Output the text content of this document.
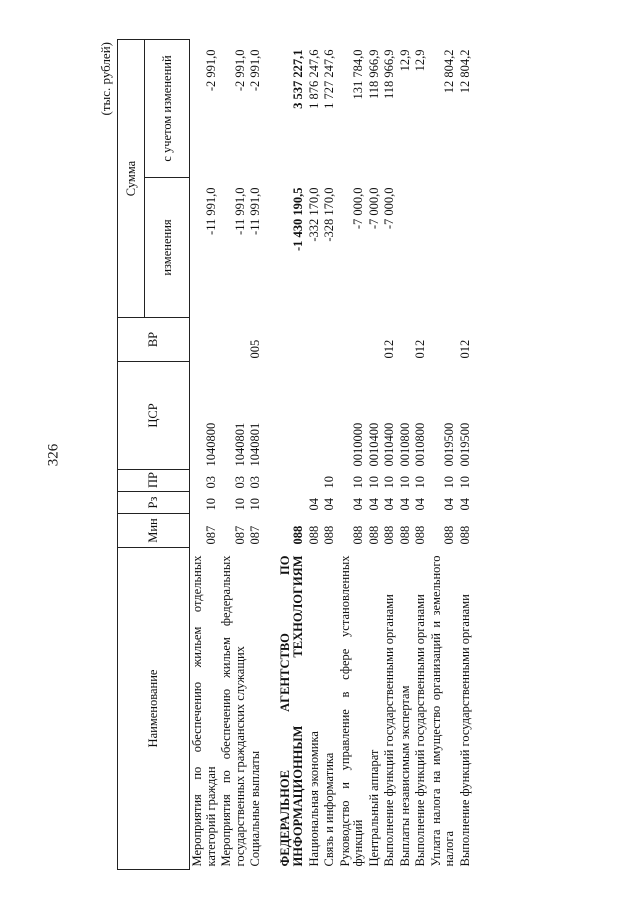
326
(тыс. рублей)
Наименование	Мин	Рз	ПР	ЦСР	ВР	Сумма	
						изменения	с учетом изменений
Мероприятия по обеспечению жильем отдельных категорий граждан	087	10	03	1040800		-11 991,0	-2 991,0
Мероприятия по обеспечению жильем федеральных государственных гражданских служащих	087	10	03	1040801		-11 991,0	-2 991,0
Социальные выплаты	087	10	03	1040801	005	-11 991,0	-2 991,0

ФЕДЕРАЛЬНОЕ АГЕНТСТВО ПО ИНФОРМАЦИОННЫМ ТЕХНОЛОГИЯМ	088					-1 430 190,5	3 537 227,1
Национальная экономика	088	04				-332 170,0	1 876 247,6
Связь и информатика	088	04	10			-328 170,0	1 727 247,6
Руководство и управление в сфере установленных функций	088	04	10	0010000		-7 000,0	131 784,0
Центральный аппарат	088	04	10	0010400		-7 000,0	118 966,9
Выполнение функций государственными органами	088	04	10	0010400	012	-7 000,0	118 966,9
Выплаты независимым экспертам	088	04	10	0010800			12,9
Выполнение функций государственными органами	088	04	10	0010800	012		12,9
Уплата налога на имущество организаций и земельного налога	088	04	10	0019500			12 804,2
Выполнение функций государственными органами	088	04	10	0019500	012		12 804,2
